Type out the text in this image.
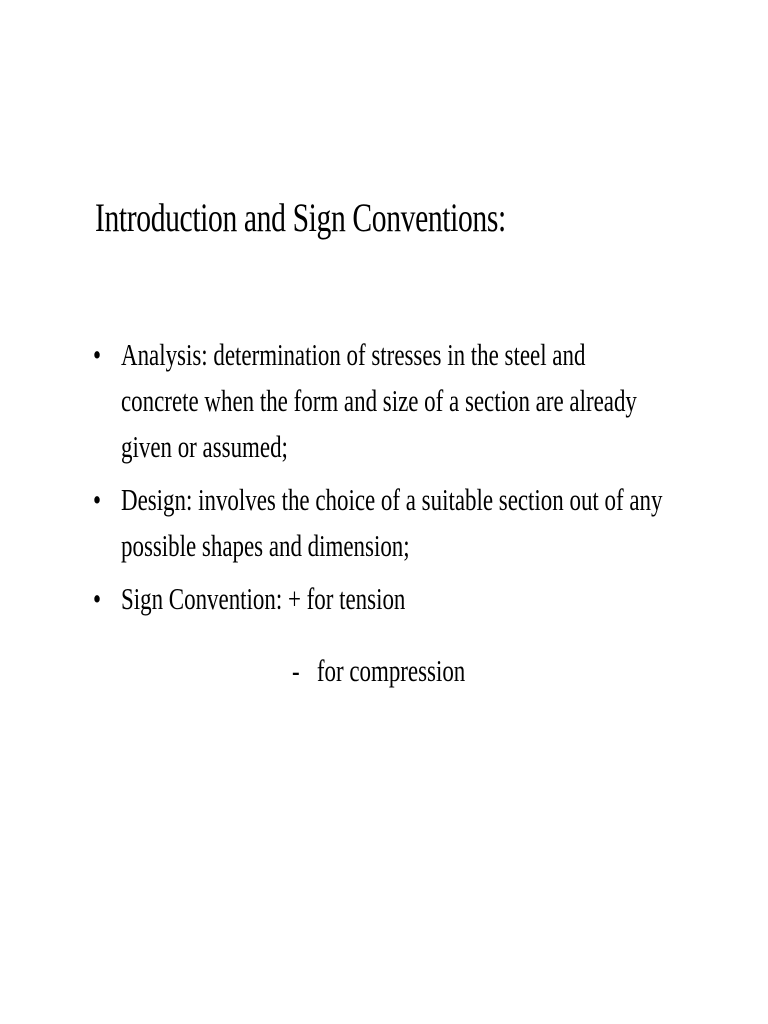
Introduction and Sign Conventions:
• Analysis: determination of stresses in the steel and
concrete when the form and size of a section are already
given or assumed;
• Design: involves the choice of a suitable section out of any
possible shapes and dimension;
• Sign Convention: + for tension
-   for compression
